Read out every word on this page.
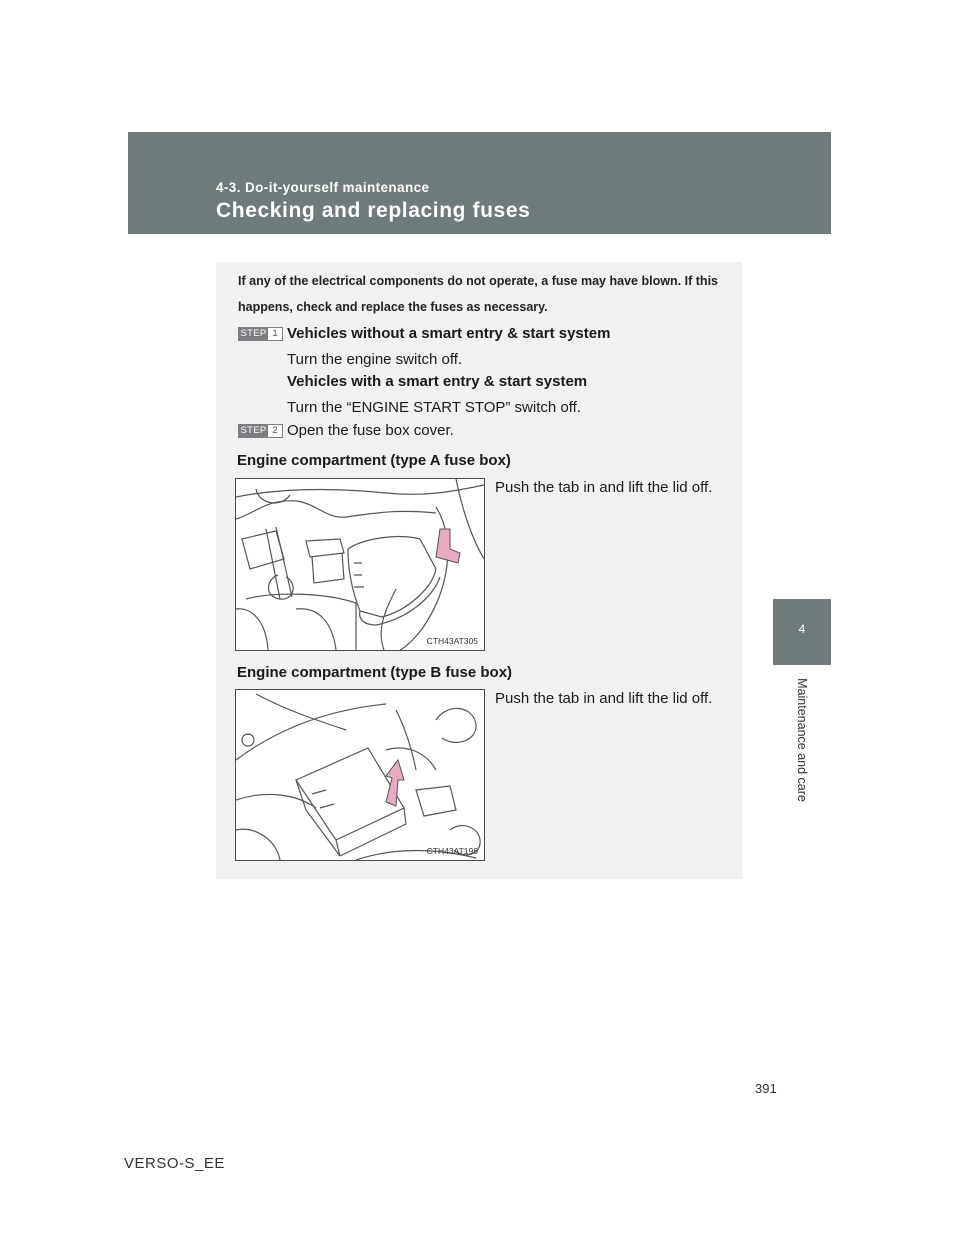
4-3. Do-it-yourself maintenance
Checking and replacing fuses
4
Maintenance and care
If any of the electrical components do not operate, a fuse may have blown. If this happens, check and replace the fuses as necessary.
STEP 1 Vehicles without a smart entry & start system
Turn the engine switch off.
Vehicles with a smart entry & start system
Turn the “ENGINE START STOP” switch off.
STEP 2 Open the fuse box cover.
Engine compartment (type A fuse box)
CTH43AT305
Push the tab in and lift the lid off.
Engine compartment (type B fuse box)
CTH43AT196
Push the tab in and lift the lid off.
391
VERSO-S_EE
